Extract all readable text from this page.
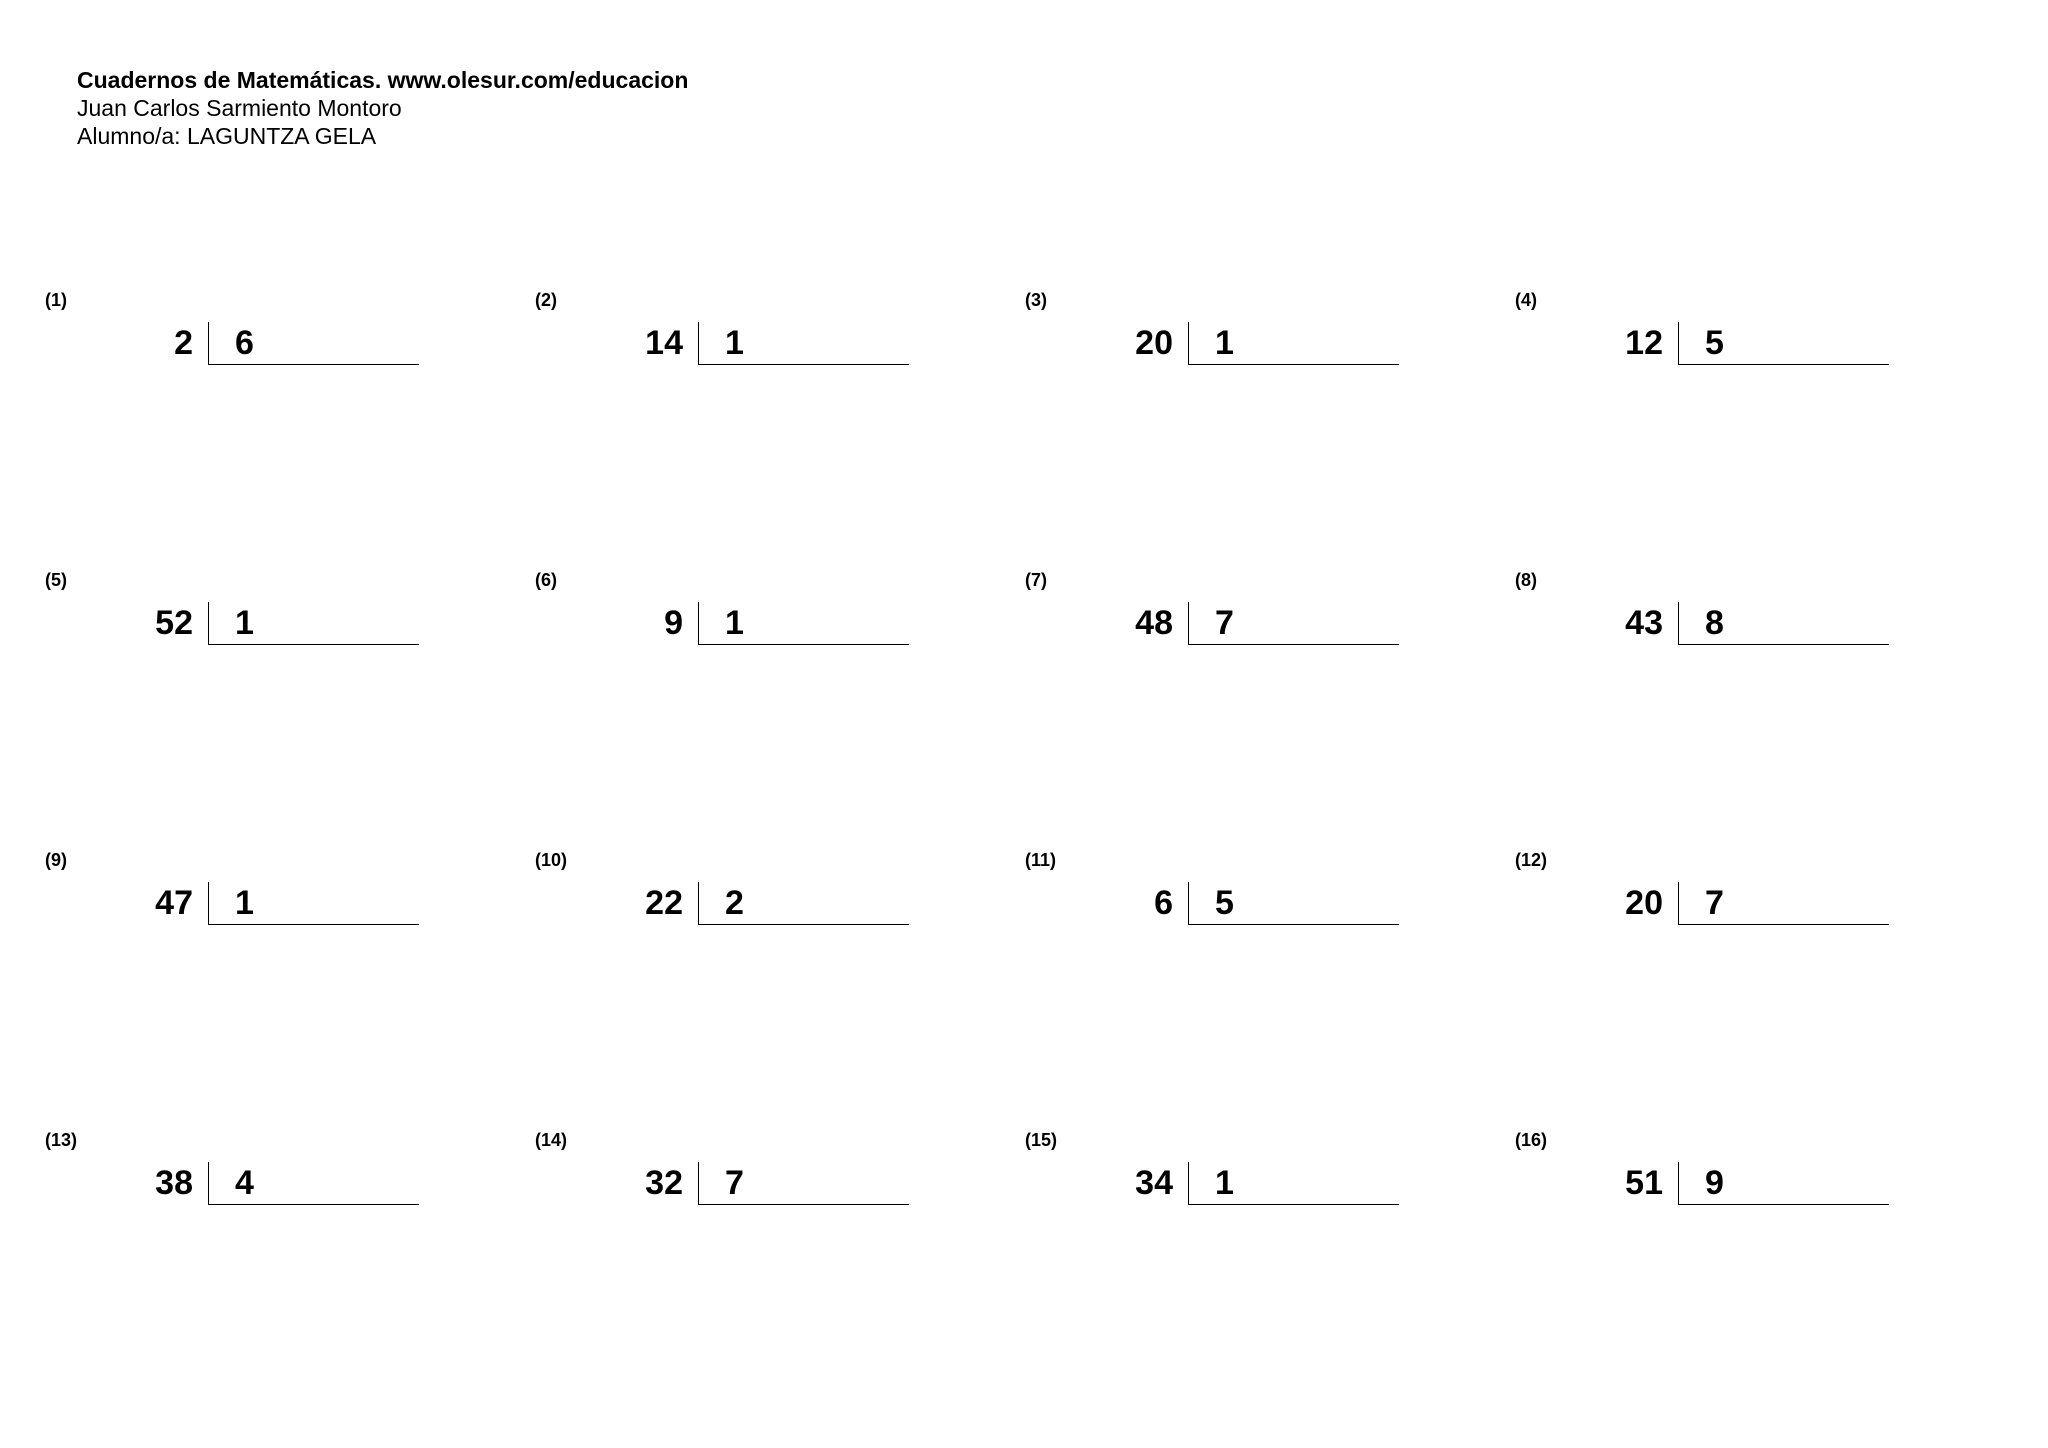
Cuadernos de Matemáticas. www.olesur.com/educacion
Juan Carlos Sarmiento Montoro
Alumno/a: LAGUNTZA GELA
(1)
2 6
(2)
14 1
(3)
20 1
(4)
12 5
(5)
52 1
(6)
9 1
(7)
48 7
(8)
43 8
(9)
47 1
(10)
22 2
(11)
6 5
(12)
20 7
(13)
38 4
(14)
32 7
(15)
34 1
(16)
51 9
